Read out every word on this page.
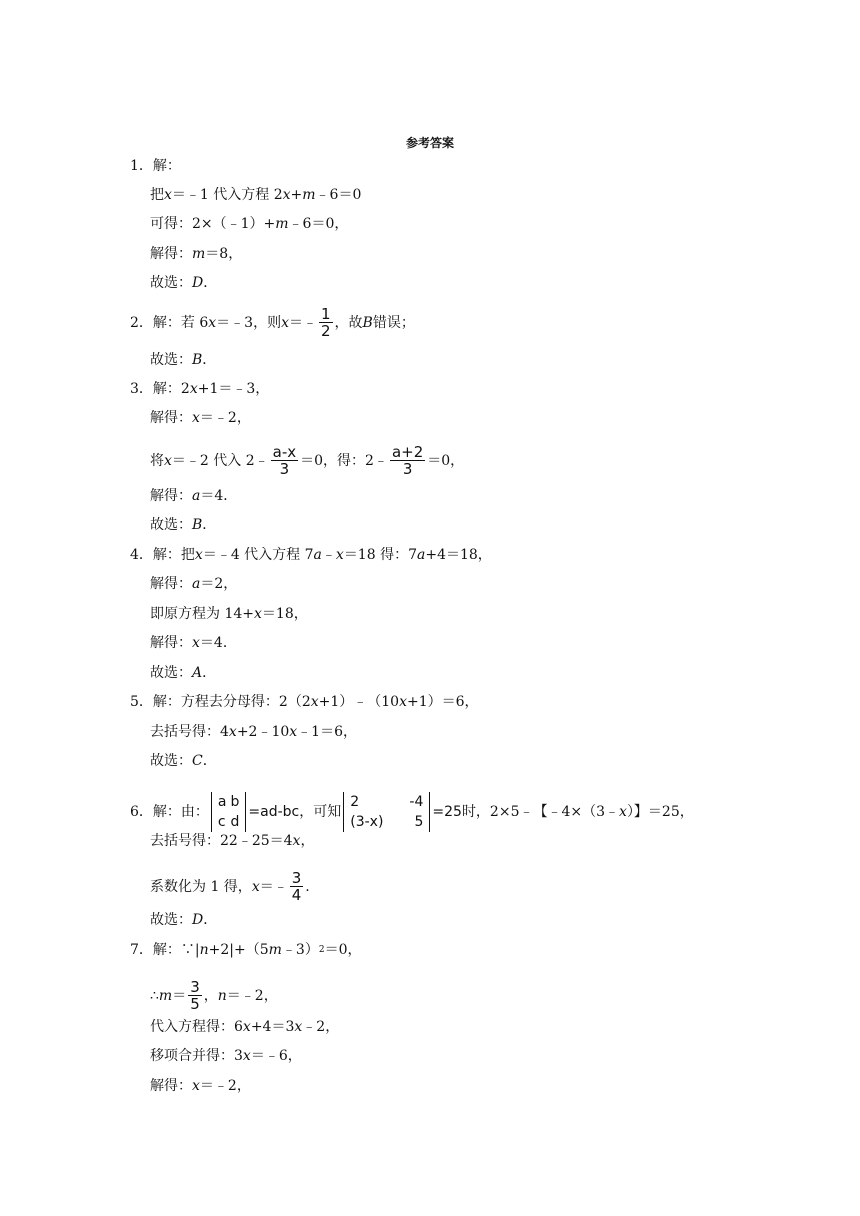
参考答案
1．解：
把 x ＝﹣1 代入方程 2 x + m ﹣6＝0
可得：2×（﹣1）+ m ﹣6＝0，
解得： m ＝8，
故选： D ．
2．解：若 6 x ＝﹣3，则 x ＝ ﹣ $\frac{1}{2}$ ，故 B 错误；
故选： B ．
3．解：2 x +1＝﹣3，
解得： x ＝﹣2，
将 x ＝﹣2 代入 2﹣ $\frac{a-x}{3} =0$，得：2﹣ $\frac{a+2}{3} =0$，
解得： a ＝4．
故选： B ．
4．解：把 x ＝﹣4 代入方程 7 a ﹣ x ＝18 得：7 a +4＝18，
解得： a ＝2，
即原方程为 14+ x ＝18，
解得： x ＝4．
故选： A ．
5．解：方程去分母得：2（2 x +1）﹣（10 x +1）＝6，
去括号得：4 x +2﹣10 x ﹣1＝6，
故选： C ．
6．解：由：
a	b
c	d
=ad-bc ，可知
2	-4
(3-x)	5
=25 时，2×5﹣【﹣4×（3﹣ x ）】＝25，
去括号得：22﹣25＝4 x ，
系数化为 1 得， x ＝﹣ $\frac{3}{4}$ .
故选： D ．
7．解：∵| n +2|+（5 m ﹣3） 2 ＝0，
∴ $m = \frac{3}{5}$ ， n ＝﹣2，
代入方程得：6 x +4＝3 x ﹣2，
移项合并得：3 x ＝﹣6，
解得： x ＝﹣2，
